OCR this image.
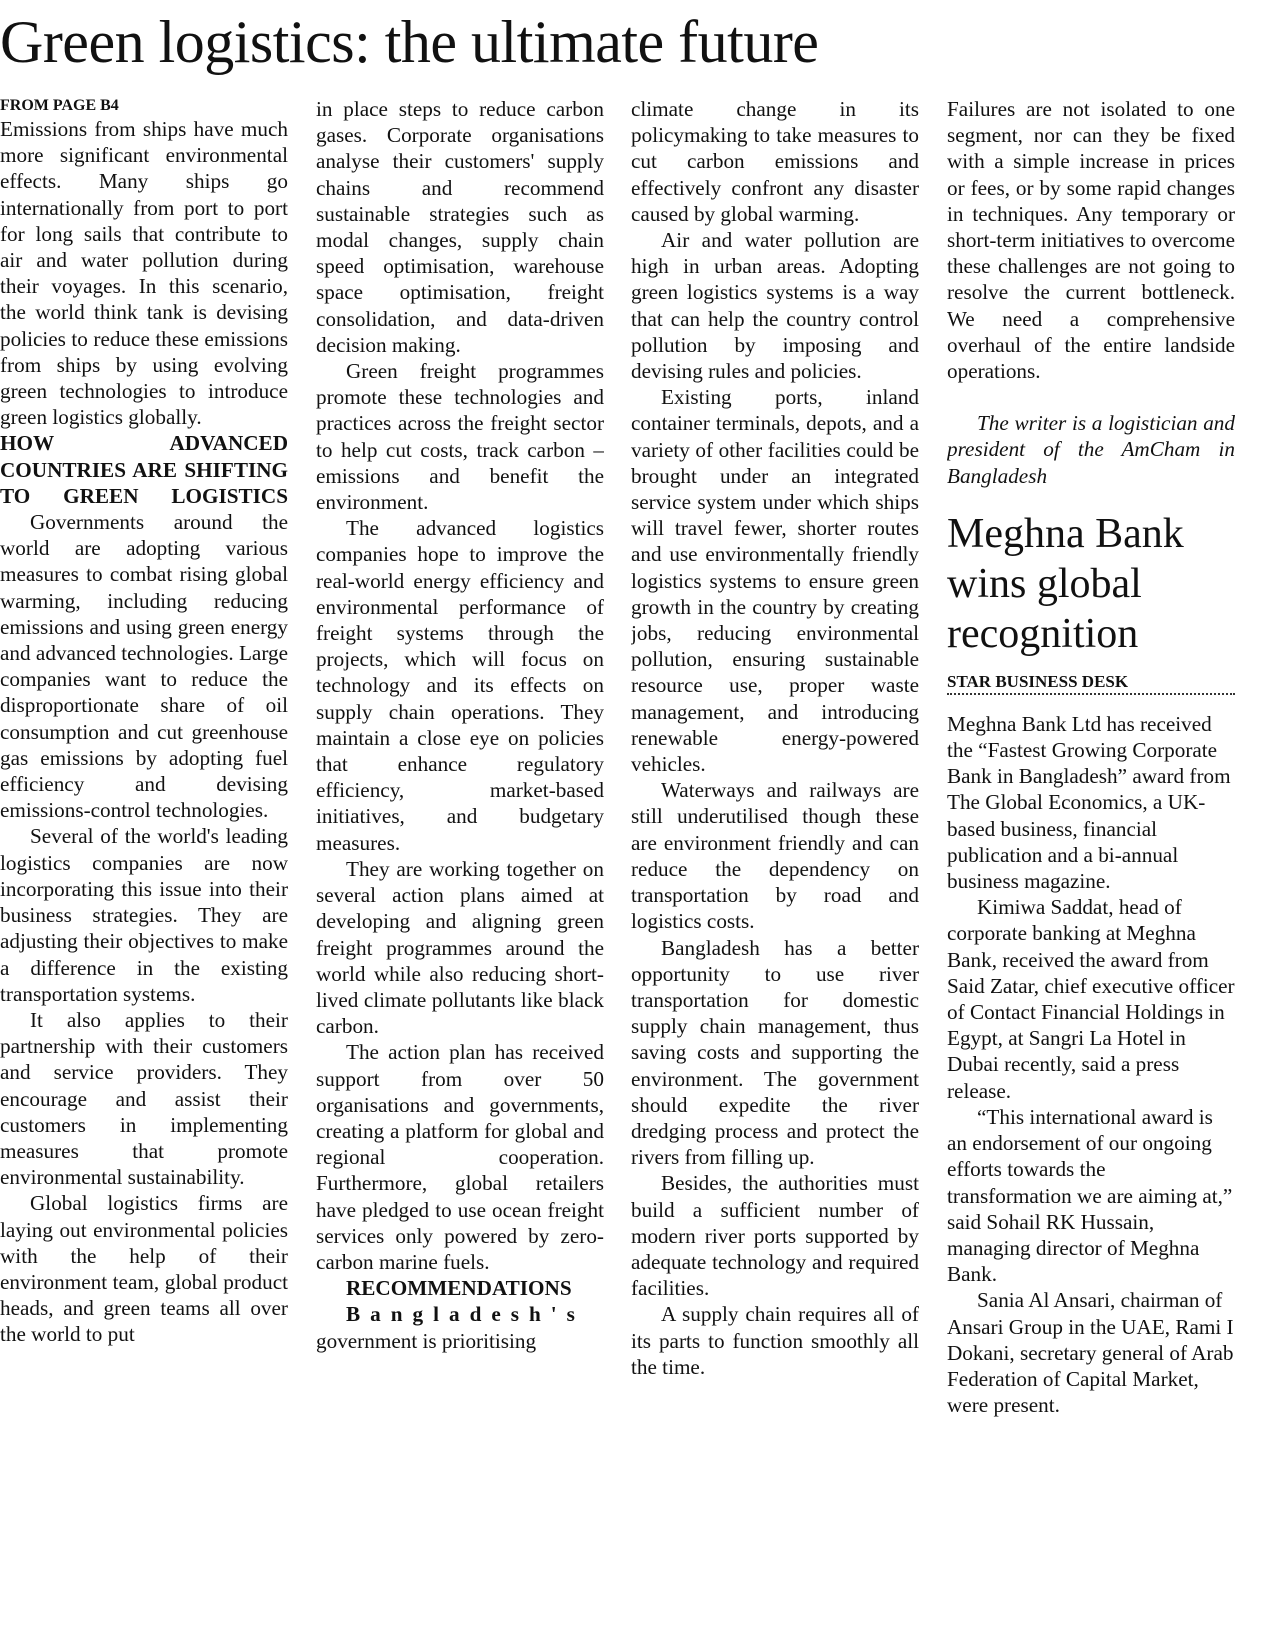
Green logistics: the ultimate future

FROM PAGE B4

Emissions from ships have much more significant environmental effects. Many ships go internationally from port to port for long sails that contribute to air and water pollution during their voyages. In this scenario, the world think tank is devising policies to reduce these emissions from ships by using evolving green technologies to introduce green logistics globally.

HOW ADVANCED COUNTRIES ARE SHIFTING TO GREEN LOGISTICS

Governments around the world are adopting various measures to combat rising global warming, including reducing emissions and using green energy and advanced technologies. Large companies want to reduce the disproportionate share of oil consumption and cut greenhouse gas emissions by adopting fuel efficiency and devising emissions-control technologies.

Several of the world's leading logistics companies are now incorporating this issue into their business strategies. They are adjusting their objectives to make a difference in the existing transportation systems.

It also applies to their partnership with their customers and service providers. They encourage and assist their customers in implementing measures that promote environmental sustainability.

Global logistics firms are laying out environmental policies with the help of their environment team, global product heads, and green teams all over the world to put

in place steps to reduce carbon gases. Corporate organisations analyse their customers' supply chains and recommend sustainable strategies such as modal changes, supply chain speed optimisation, warehouse space optimisation, freight consolidation, and data-driven decision making.

Green freight programmes promote these technologies and practices across the freight sector to help cut costs, track carbon – emissions and benefit the environment.

The advanced logistics companies hope to improve the real-world energy efficiency and environmental performance of freight systems through the projects, which will focus on technology and its effects on supply chain operations. They maintain a close eye on policies that enhance regulatory efficiency, market-based initiatives, and budgetary measures.

They are working together on several action plans aimed at developing and aligning green freight programmes around the world while also reducing short-lived climate pollutants like black carbon.

The action plan has received support from over 50 organisations and governments, creating a platform for global and regional cooperation. Furthermore, global retailers have pledged to use ocean freight services only powered by zero-carbon marine fuels.

RECOMMENDATIONS

Bangladesh's government is prioritising

climate change in its policymaking to take measures to cut carbon emissions and effectively confront any disaster caused by global warming.

Air and water pollution are high in urban areas. Adopting green logistics systems is a way that can help the country control pollution by imposing and devising rules and policies.

Existing ports, inland container terminals, depots, and a variety of other facilities could be brought under an integrated service system under which ships will travel fewer, shorter routes and use environmentally friendly logistics systems to ensure green growth in the country by creating jobs, reducing environmental pollution, ensuring sustainable resource use, proper waste management, and introducing renewable energy-powered vehicles.

Waterways and railways are still underutilised though these are environment friendly and can reduce the dependency on transportation by road and logistics costs.

Bangladesh has a better opportunity to use river transportation for domestic supply chain management, thus saving costs and supporting the environment. The government should expedite the river dredging process and protect the rivers from filling up.

Besides, the authorities must build a sufficient number of modern river ports supported by adequate technology and required facilities.

A supply chain requires all of its parts to function smoothly all the time.

Failures are not isolated to one segment, nor can they be fixed with a simple increase in prices or fees, or by some rapid changes in techniques. Any temporary or short-term initiatives to overcome these challenges are not going to resolve the current bottleneck. We need a comprehensive overhaul of the entire landside operations.

The writer is a logistician and president of the AmCham in Bangladesh

Meghna Bank wins global recognition

STAR BUSINESS DESK

Meghna Bank Ltd has received the “Fastest Growing Corporate Bank in Bangladesh” award from The Global Economics, a UK-based business, financial publication and a bi-annual business magazine.

Kimiwa Saddat, head of corporate banking at Meghna Bank, received the award from Said Zatar, chief executive officer of Contact Financial Holdings in Egypt, at Sangri La Hotel in Dubai recently, said a press release.

“This international award is an endorsement of our ongoing efforts towards the transformation we are aiming at,” said Sohail RK Hussain, managing director of Meghna Bank.

Sania Al Ansari, chairman of Ansari Group in the UAE, Rami I Dokani, secretary general of Arab Federation of Capital Market, were present.
